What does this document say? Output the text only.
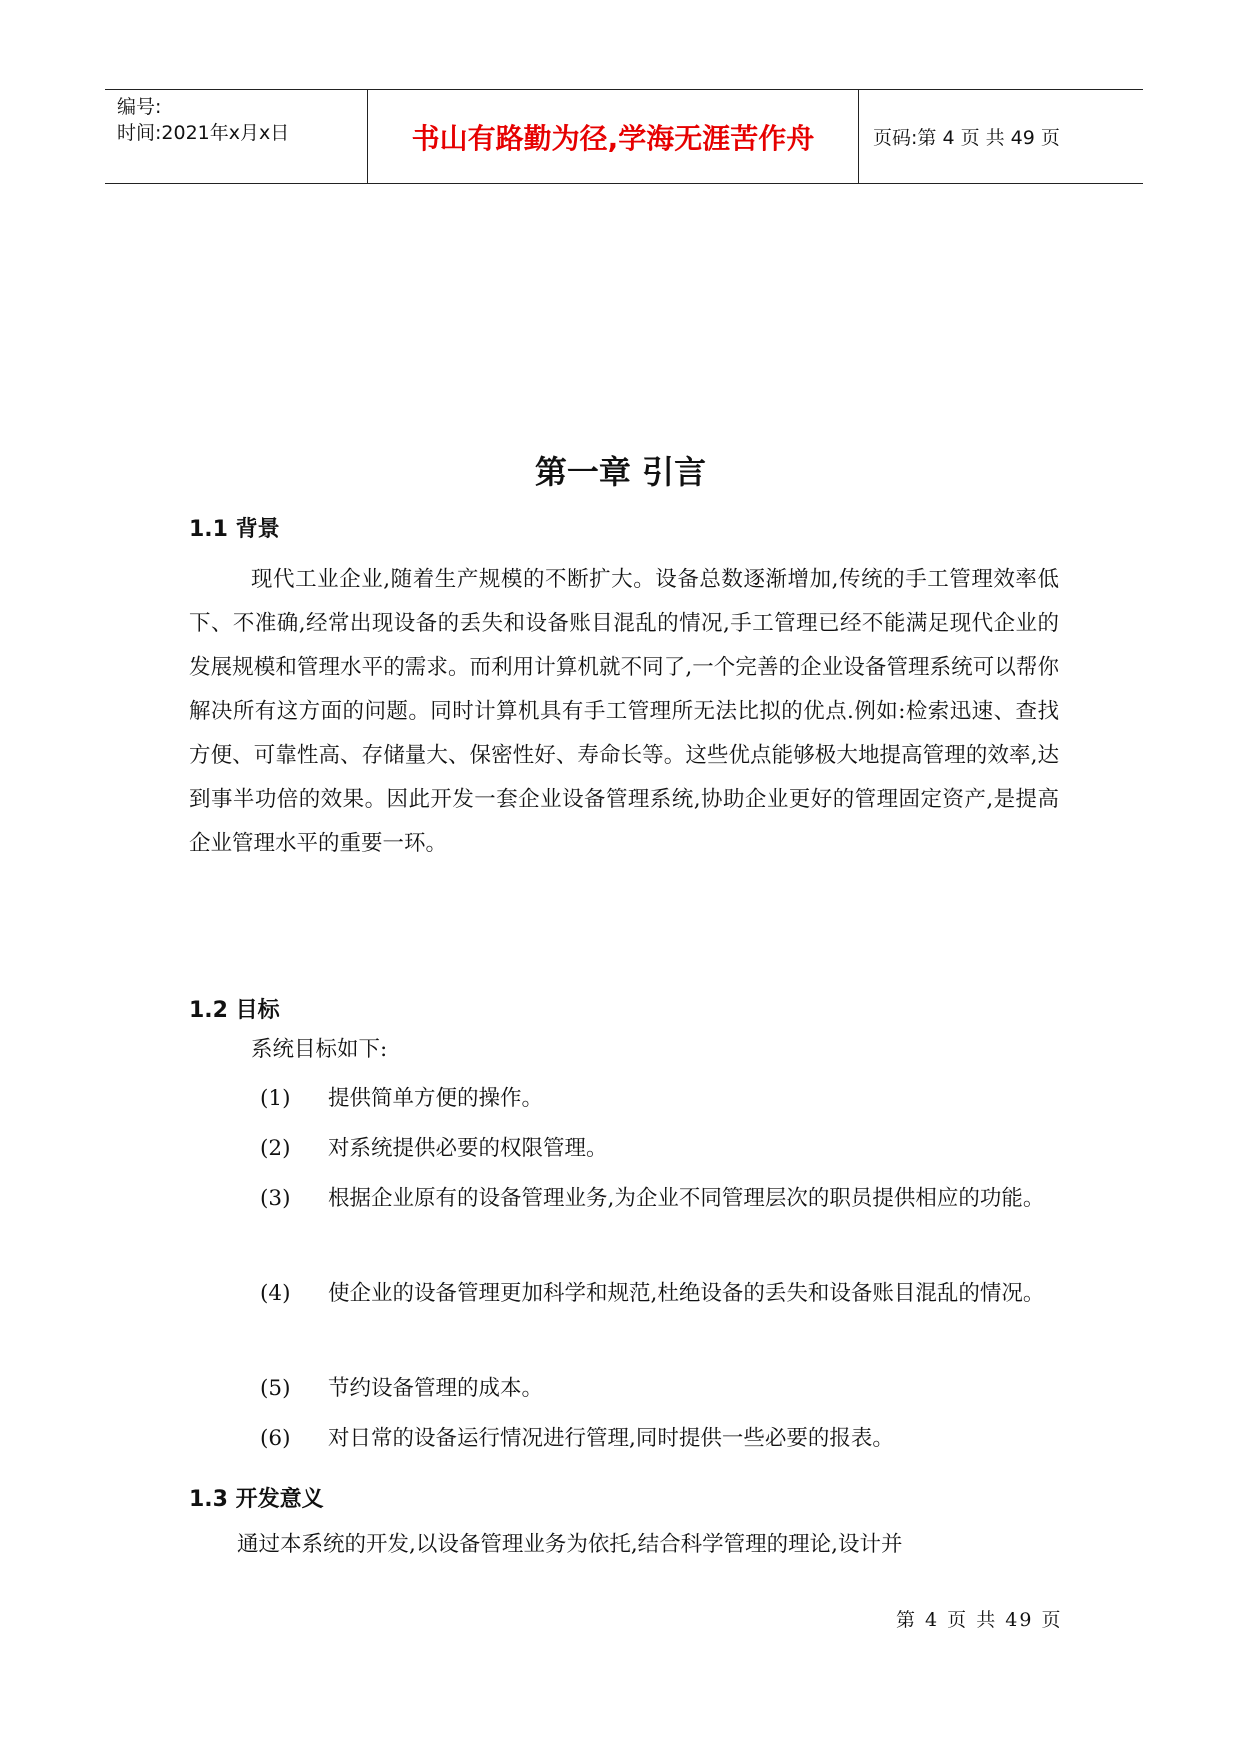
编号:
时间:2021年x月x日	书山有路勤为径,学海无涯苦作舟	页码:第 4 页 共 49 页
第一章 引言
1.1 背景

现代工业企业,随着生产规模的不断扩大。设备总数逐渐增加,传统的手工管理效率低下、不准确,经常出现设备的丢失和设备账目混乱的情况,手工管理已经不能满足现代企业的发展规模和管理水平的需求。而利用计算机就不同了,一个完善的企业设备管理系统可以帮你解决所有这方面的问题。同时计算机具有手工管理所无法比拟的优点.例如:检索迅速、查找方便、可靠性高、存储量大、保密性好、寿命长等。这些优点能够极大地提高管理的效率,达到事半功倍的效果。因此开发一套企业设备管理系统,协助企业更好的管理固定资产,是提高企业管理水平的重要一环。

1.2 目标
系统目标如下:
(1) 提供简单方便的操作。
(2) 对系统提供必要的权限管理。
(3) 根据企业原有的设备管理业务,为企业不同管理层次的职员提供相应的功能。
(4) 使企业的设备管理更加科学和规范,杜绝设备的丢失和设备账目混乱的情况。
(5) 节约设备管理的成本。
(6) 对日常的设备运行情况进行管理,同时提供一些必要的报表。
1.3 开发意义
通过本系统的开发,以设备管理业务为依托,结合科学管理的理论,设计并
第 4 页 共 49 页
